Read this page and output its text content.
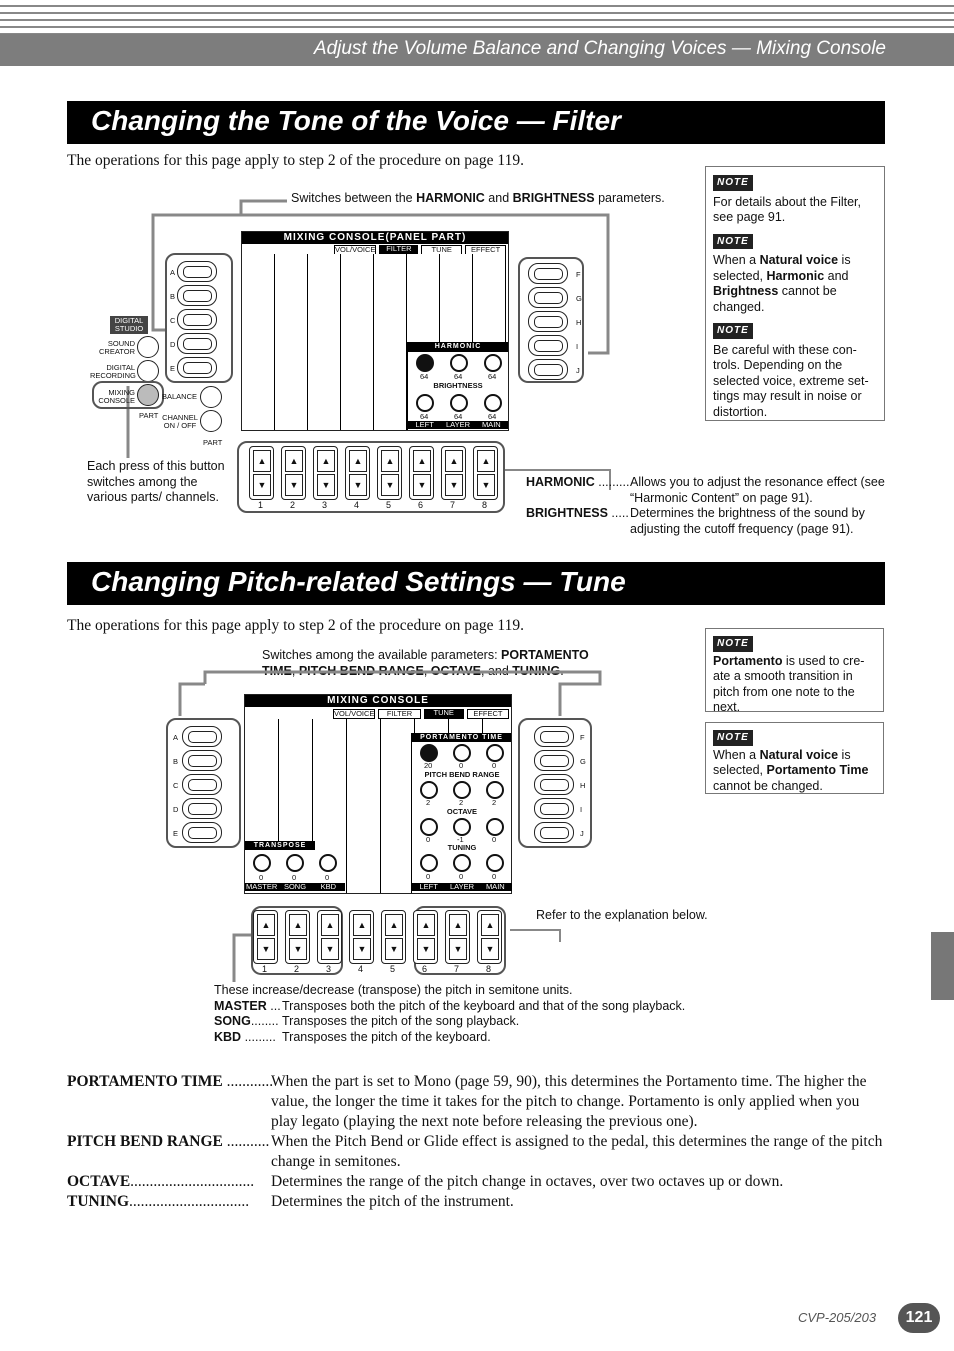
Adjust the Volume Balance and Changing Voices — Mixing Console
Changing the Tone of the Voice — Filter
The operations for this page apply to step 2 of the procedure on page 119.
Switches between the HARMONIC and BRIGHTNESS parameters.
A
B
C
D
E
F
G
H
I
J
DIGITAL STUDIO
SOUND CREATOR
DIGITAL RECORDING
MIXING CONSOLE
PART
BALANCE
CHANNEL ON / OFF
PART
MIXING CONSOLE(PANEL PART)
VOL/VOICE	FILTER	TUNE	EFFECT
HARMONIC
64	64	64
BRIGHTNESS
64	64	64
LEFT	LAYER	MAIN
▲ ▼
▲ ▼
▲ ▼
▲ ▼
▲ ▼
▲ ▼
▲ ▼
▲ ▼
1	2	3	4	5	6	7	8
Each press of this button switches among the various parts/ channels.
HARMONIC ......... Allows you to adjust the resonance effect (see “Harmonic Content” on page 91).
BRIGHTNESS ..... Determines the brightness of the sound by adjusting the cutoff frequency (page 91).
NOTE
For details about the Filter, see page 91.
NOTE
When a Natural voice is selected, Harmonic and Brightness cannot be changed.
NOTE
Be careful with these con-trols. Depending on the selected voice, extreme set-tings may result in noise or distortion.
Changing Pitch-related Settings — Tune
The operations for this page apply to step 2 of the procedure on page 119.
Switches among the available parameters: PORTAMENTO TIME, PITCH BEND RANGE, OCTAVE, and TUNING.
A
B
C
D
E
F
G
H
I
J
MIXING CONSOLE
VOL/VOICE	FILTER	TUNE	EFFECT
TRANSPOSE
0	0	0
MASTER SONG	KBD
PORTAMENTO TIME
20	0	0
PITCH BEND RANGE
2	2	2
OCTAVE
0	-1	0
TUNING
0	0	0
LEFT	LAYER	MAIN
▲ ▼
▲ ▼
▲ ▼
▲ ▼
▲ ▼
▲ ▼
▲ ▼
▲ ▼
1	2	3	4	5	6	7	8
Refer to the explanation below.
These increase/decrease (transpose) the pitch in semitone units.
MASTER ... Transposes both the pitch of the keyboard and that of the song playback.
SONG........ Transposes the pitch of the song playback.
KBD ......... Transposes the pitch of the keyboard.
NOTE
Portamento is used to cre-ate a smooth transition in pitch from one note to the next.
NOTE
When a Natural voice is selected, Portamento Time cannot be changed.
PORTAMENTO TIME ............
When the part is set to Mono (page 59, 90), this determines the Portamento time. The higher the value, the longer the time it takes for the pitch to change. Portamento is only applied when you play legato (playing the next note before releasing the previous one).
PITCH BEND RANGE ........... When the Pitch Bend or Glide effect is assigned to the pedal, this determines the range of the pitch change in semitones.
OCTAVE................................	Determines the range of the pitch change in octaves, over two octaves up or down.
TUNING...............................	Determines the pitch of the instrument.
CVP-205/203	121
